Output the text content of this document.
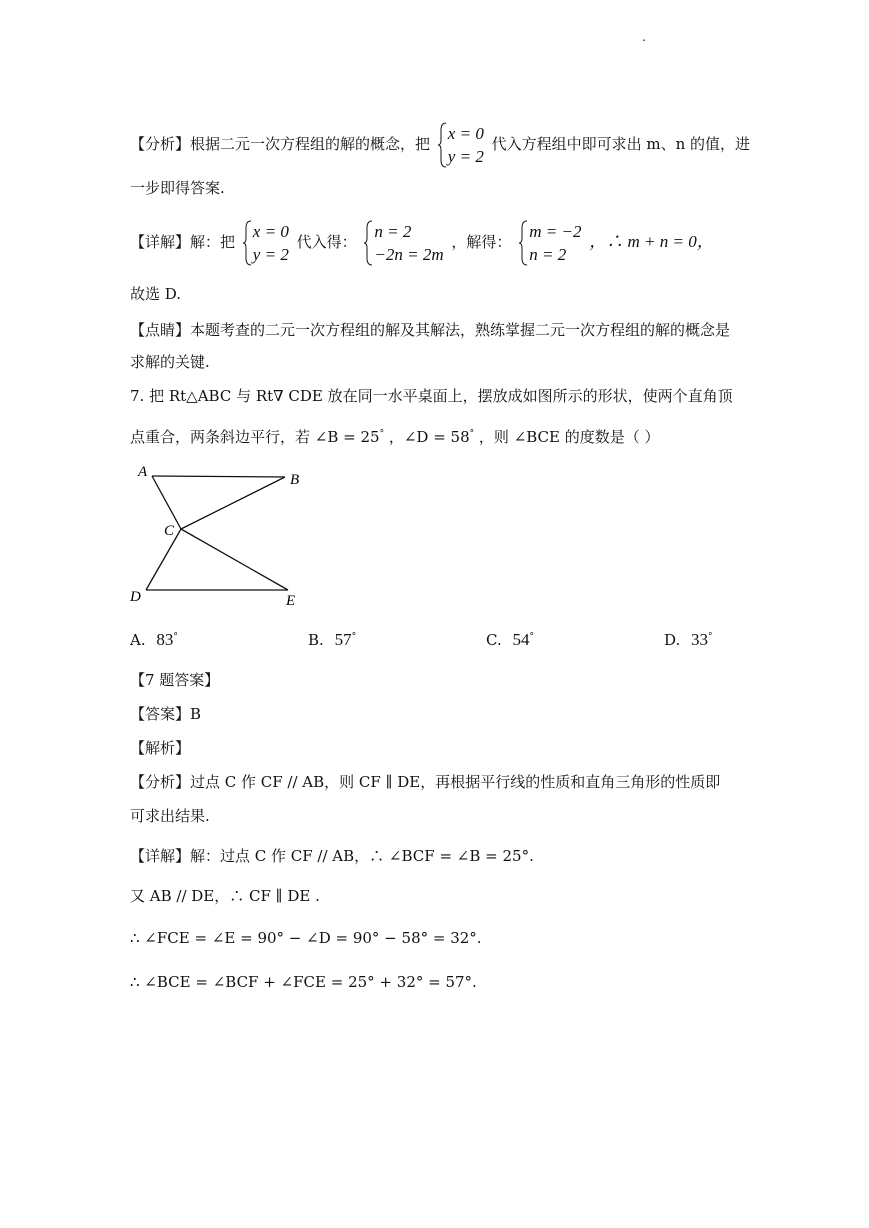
.
【分析】根据二元一次方程组的解的概念，把
x = 0
y = 2
代入方程组中即可求出 m、n 的值，进
一步即得答案.
【详解】解：把
x = 0
y = 2
代入得：
n = 2
−2n = 2m
，解得：
m = −2
n = 2
，∴ m + n = 0，
故选 D.
【点睛】本题考查的二元一次方程组的解及其解法，熟练掌握二元一次方程组的解的概念是
求解的关键.
7. 把 Rt△ABC 与 Rt∇ CDE 放在同一水平桌面上，摆放成如图所示的形状，使两个直角顶
点重合，两条斜边平行，若 ∠B = 25° ，∠D = 58° ，则 ∠BCE 的度数是（ ）
A	B
C
D	E
A. 83°	B. 57°	C. 54°	D. 33°
【7 题答案】
【答案】B
【解析】
【分析】过点 C 作 CF // AB，则 CF ∥ DE，再根据平行线的性质和直角三角形的性质即
可求出结果.
【详解】解：过点 C 作 CF // AB，∴ ∠BCF = ∠B = 25°.
又 AB // DE，∴ CF ∥ DE .
∴ ∠FCE = ∠E = 90° − ∠D = 90° − 58° = 32°.
∴ ∠BCE = ∠BCF + ∠FCE = 25° + 32° = 57°.
